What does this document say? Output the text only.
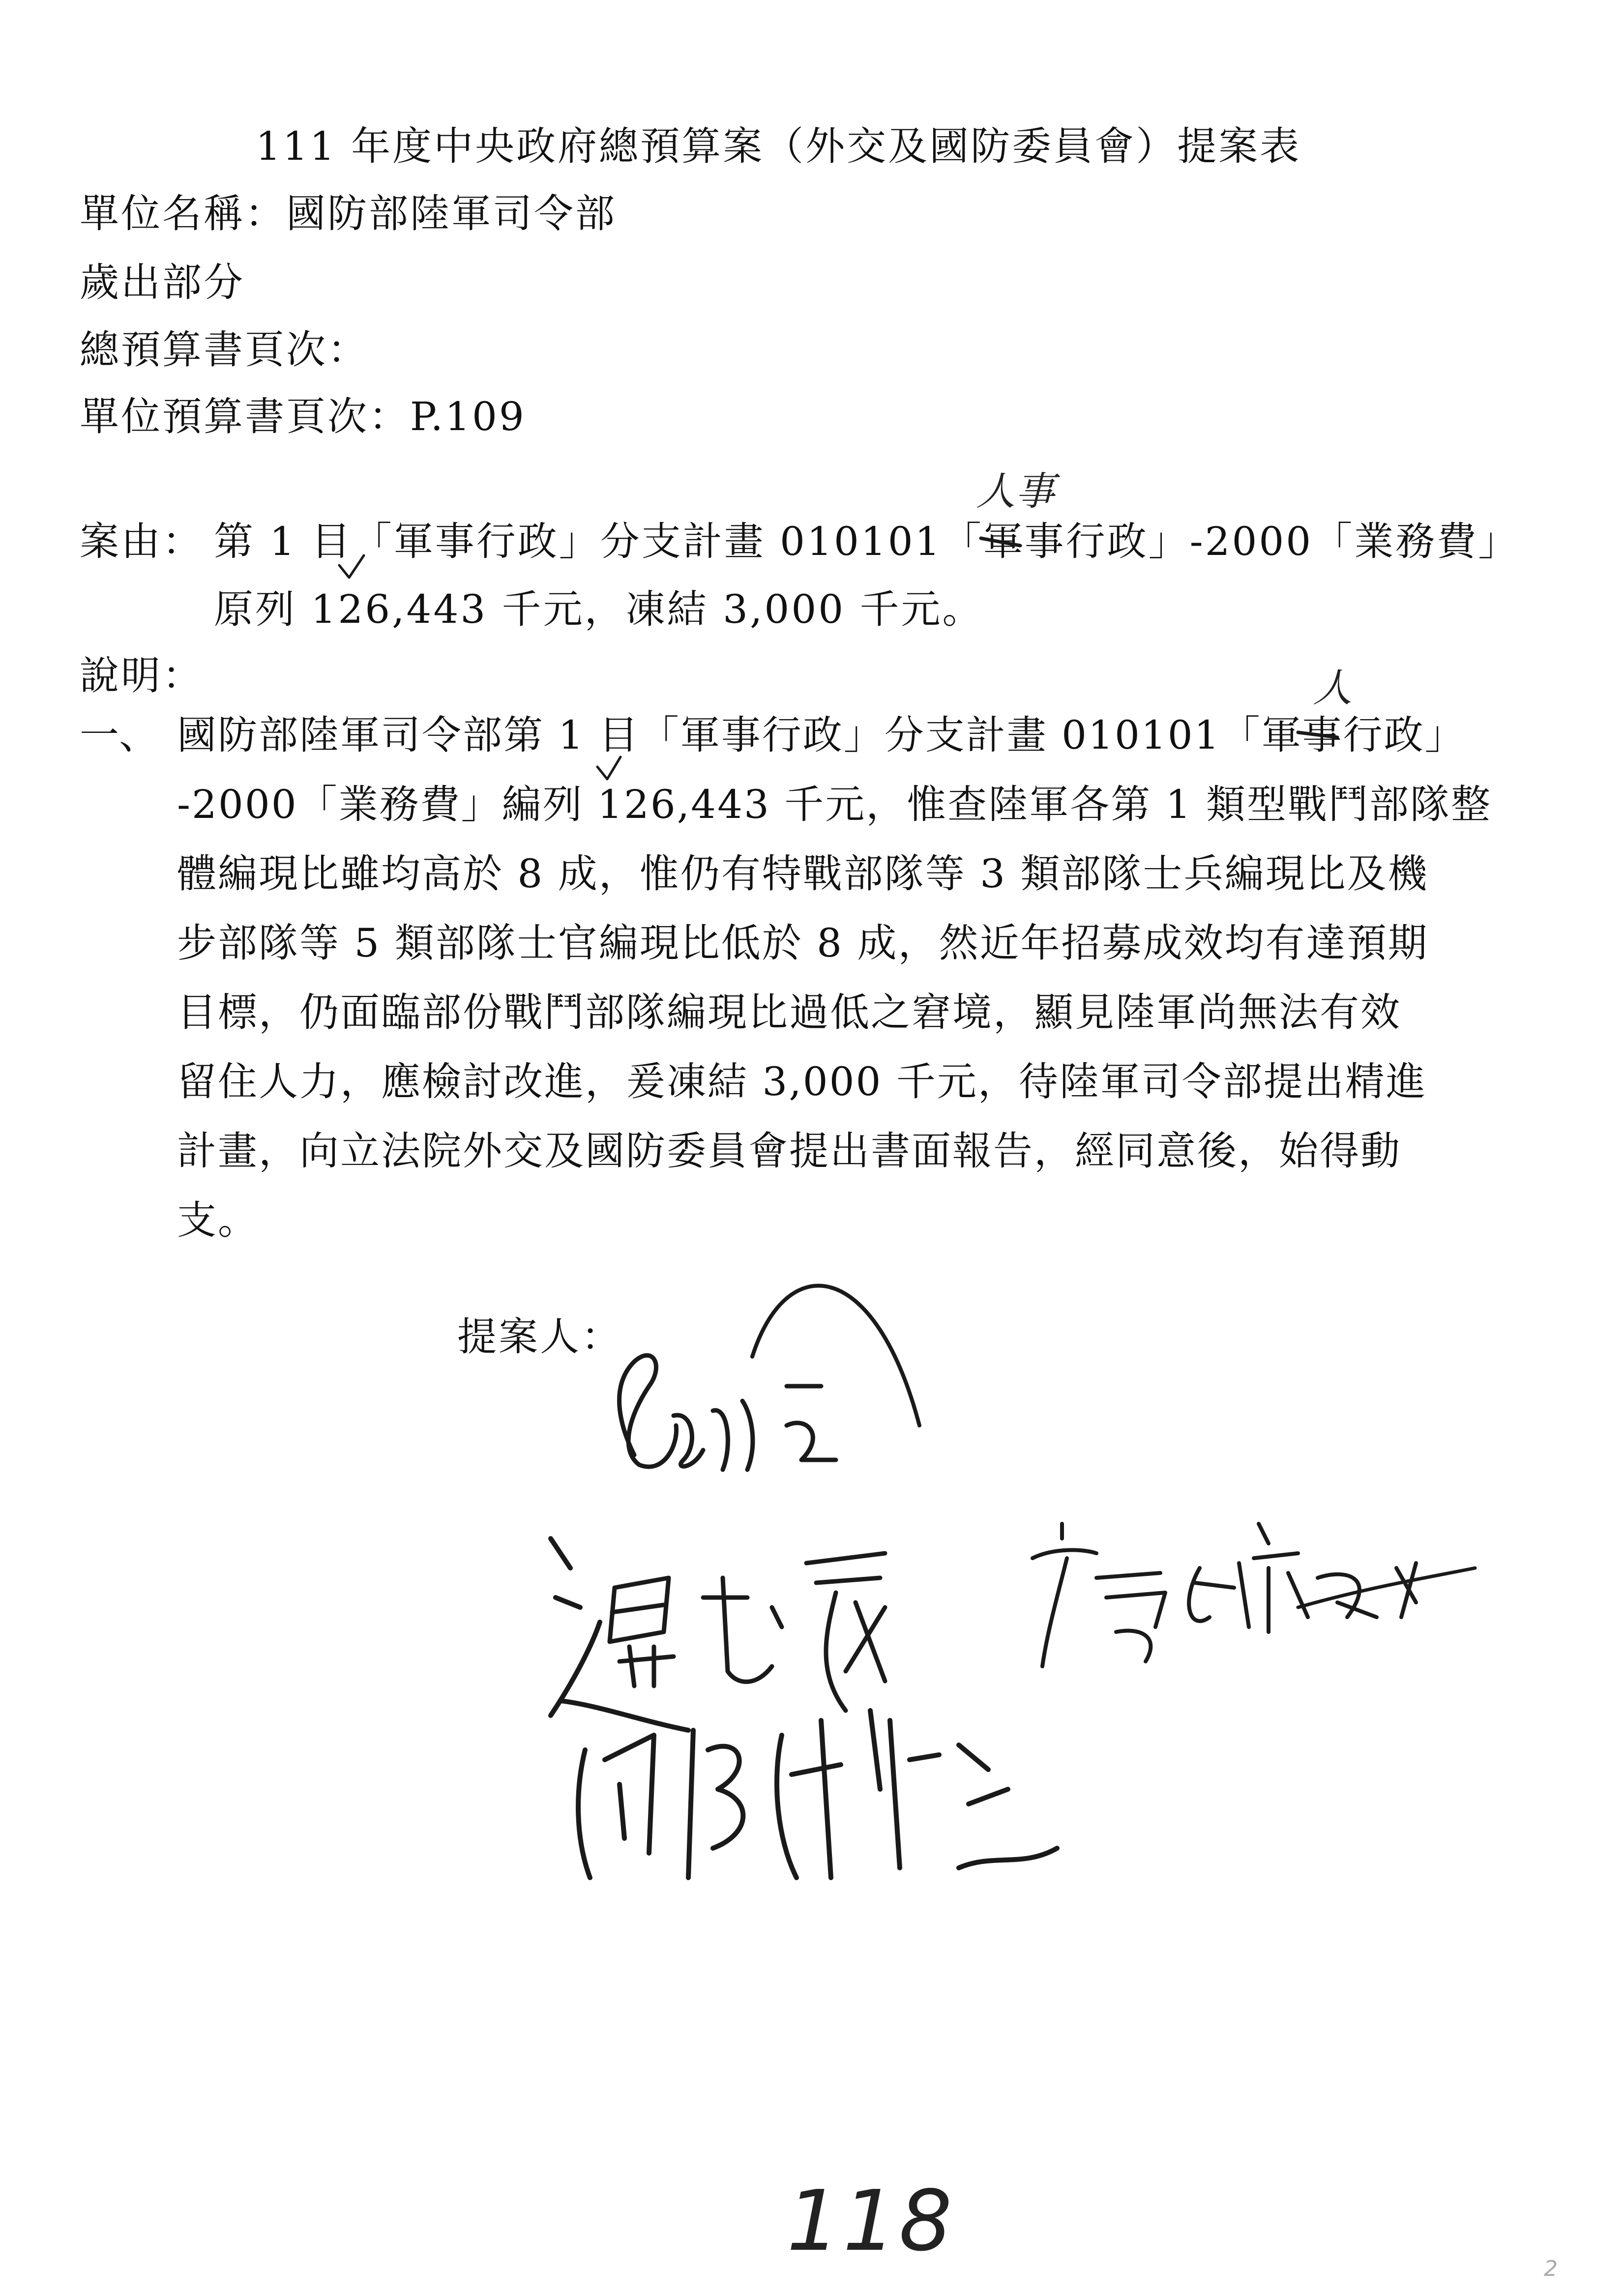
111 年度中央政府總預算案（外交及國防委員會）提案表
單位名稱：國防部陸軍司令部
歲出部分
總預算書頁次：
單位預算書頁次：P.109
案由： 第 1 目「軍事行政」分支計畫 010101「軍事行政」-2000「業務費」
原列 126,443 千元，凍結 3,000 千元。
人事
說明：
一、
人
國防部陸軍司令部第 1 目「軍事行政」分支計畫 010101「軍事行政」
-2000「業務費」編列 126,443 千元，惟查陸軍各第 1 類型戰鬥部隊整
體編現比雖均高於 8 成，惟仍有特戰部隊等 3 類部隊士兵編現比及機
步部隊等 5 類部隊士官編現比低於 8 成，然近年招募成效均有達預期
目標，仍面臨部份戰鬥部隊編現比過低之窘境，顯見陸軍尚無法有效
留住人力，應檢討改進，爰凍結 3,000 千元，待陸軍司令部提出精進
計畫，向立法院外交及國防委員會提出書面報告，經同意後，始得動
支。
提案人：
118	2
